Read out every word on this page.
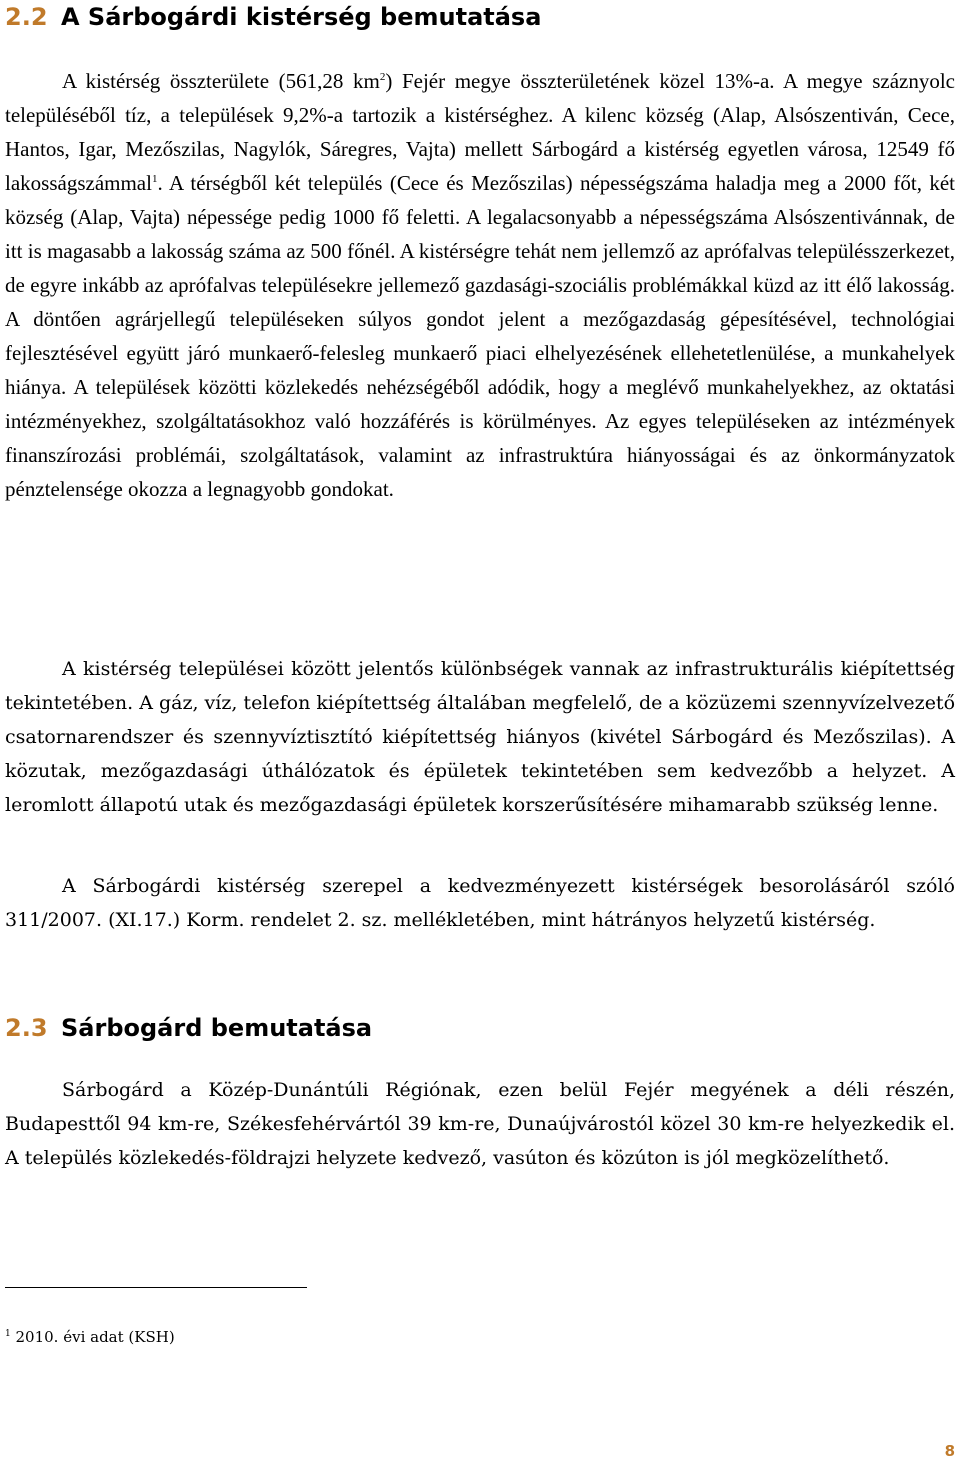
2.2 A Sárbogárdi kistérség bemutatása

A kistérség összterülete (561,28 $km^2$) Fejér megye összterületének közel 13%-a. A megye száznyolc településéből tíz, a települések 9,2%-a tartozik a kistérséghez. A kilenc község (Alap, Alsószentiván, Cece, Hantos, Igar, Mezőszilas, Nagylók, Sáregres, Vajta) mellett Sárbogárd a kistérség egyetlen városa, 12549 fő lakosságszámmal$^1$. A térségből két település (Cece és Mezőszilas) népességszáma haladja meg a 2000 főt, két község (Alap, Vajta) népessége pedig 1000 fő feletti. A legalacsonyabb a népességszáma Alsószentivánnak, de itt is magasabb a lakosság száma az 500 főnél. A kistérségre tehát nem jellemző az aprófalvas településszerkezet, de egyre inkább az aprófalvas településekre jellemező gazdasági-szociális problémákkal küzd az itt élő lakosság. A döntően agrárjellegű településeken súlyos gondot jelent a mezőgazdaság gépesítésével, technológiai fejlesztésével együtt járó munkaerő-felesleg munkaerő piaci elhelyezésének ellehetetlenülése, a munkahelyek hiánya. A települések közötti közlekedés nehézségéből adódik, hogy a meglévő munkahelyekhez, az oktatási intézményekhez, szolgáltatásokhoz való hozzáférés is körülményes. Az egyes településeken az intézmények finanszírozási problémái, szolgáltatások, valamint az infrastruktúra hiányosságai és az önkormányzatok pénztelensége okozza a legnagyobb gondokat.

A kistérség települései között jelentős különbségek vannak az infrastrukturális kiépítettség tekintetében. A gáz, víz, telefon kiépítettség általában megfelelő, de a közüzemi szennyvízelvezető csatornarendszer és szennyvíztisztító kiépítettség hiányos (kivétel Sárbogárd és Mezőszilas). A közutak, mezőgazdasági úthálózatok és épületek tekintetében sem kedvezőbb a helyzet. A leromlott állapotú utak és mezőgazdasági épületek korszerűsítésére mihamarabb szükség lenne.

A Sárbogárdi kistérség szerepel a kedvezményezett kistérségek besorolásáról szóló 311/2007. (XI.17.) Korm. rendelet 2. sz. mellékletében, mint hátrányos helyzetű kistérség.

2.3 Sárbogárd bemutatása

Sárbogárd a Közép-Dunántúli Régiónak, ezen belül Fejér megyének a déli részén, Budapesttől 94 km-re, Székesfehérvártól 39 km-re, Dunaújvárostól közel 30 km-re helyezkedik el. A település közlekedés-földrajzi helyzete kedvező, vasúton és közúton is jól megközelíthető.

$^1$ 2010. évi adat (KSH)

8
